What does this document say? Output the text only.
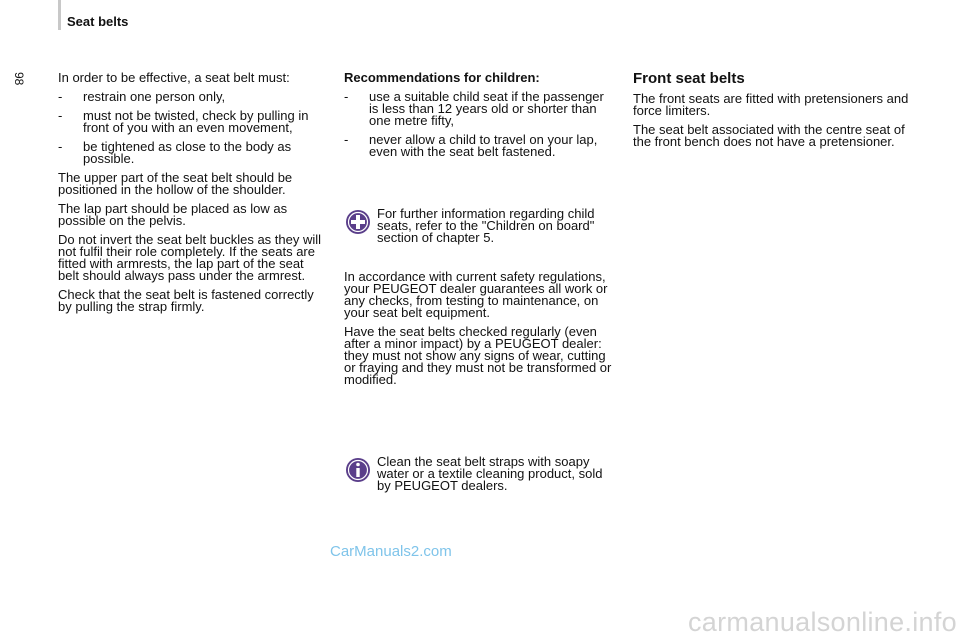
Seat belts
98 In order to be effective, a seat belt must:

- restrain one person only,
- must not be twisted, check by pulling in front of you with an even movement,
- be tightened as close to the body as possible.

The upper part of the seat belt should be positioned in the hollow of the shoulder.

The lap part should be placed as low as possible on the pelvis.

Do not invert the seat belt buckles as they will not fulfil their role completely. If the seats are fitted with armrests, the lap part of the seat belt should always pass under the armrest.

Check that the seat belt is fastened correctly by pulling the strap firmly.

Recommendations for children:

- use a suitable child seat if the passenger is less than 12 years old or shorter than one metre fifty,
- never allow a child to travel on your lap, even with the seat belt fastened.
For further information regarding child seats, refer to the "Children on board" section of chapter 5.

In accordance with current safety regulations, your PEUGEOT dealer guarantees all work or any checks, from testing to maintenance, on your seat belt equipment.

Have the seat belts checked regularly (even after a minor impact) by a PEUGEOT dealer: they must not show any signs of wear, cutting or fraying and they must not be transformed or modified.

Clean the seat belt straps with soapy water or a textile cleaning product, sold by PEUGEOT dealers.

Front seat belts

The front seats are fitted with pretensioners and force limiters.

The seat belt associated with the centre seat of the front bench does not have a pretensioner.

CarManuals2.com
carmanualsonline.info
